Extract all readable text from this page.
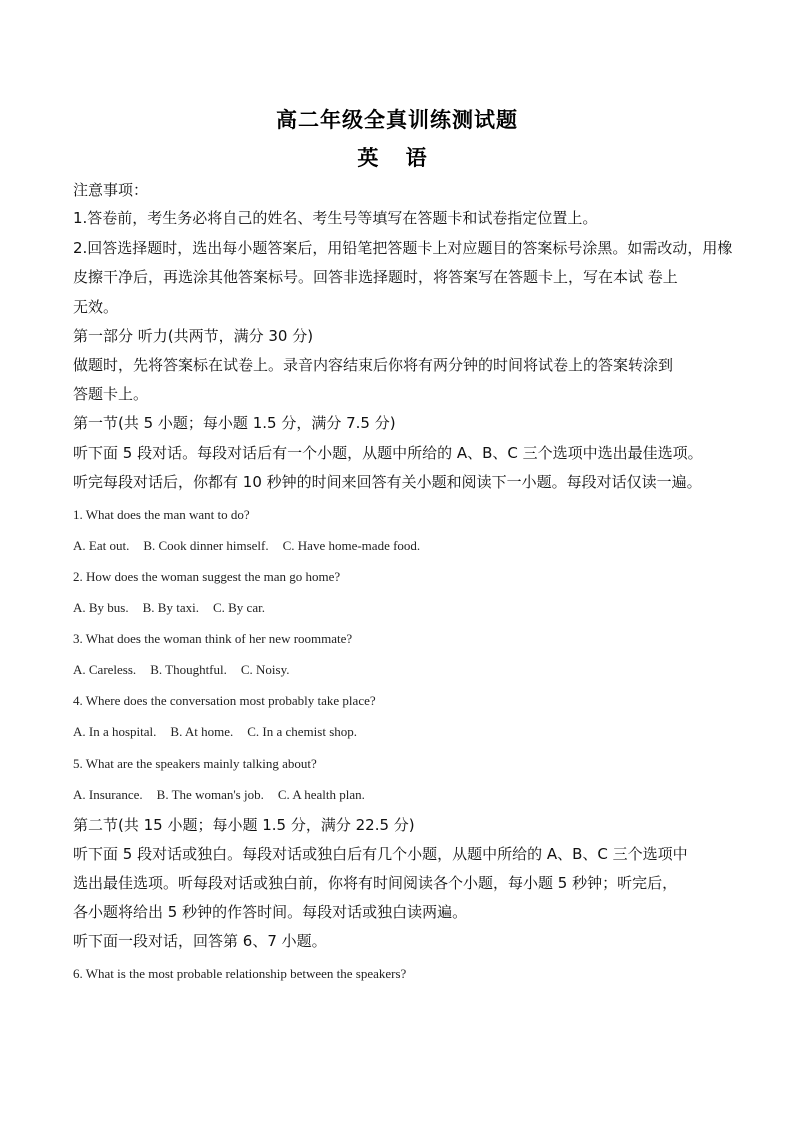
高二年级全真训练测试题
英 语
注意事项：
1.答卷前，考生务必将自己的姓名、考生号等填写在答题卡和试卷指定位置上。
2.回答选择题时，选出每小题答案后，用铅笔把答题卡上对应题目的答案标号涂黑。如需改动，用橡
皮擦干净后，再选涂其他答案标号。回答非选择题时，将答案写在答题卡上，写在本试 卷上
无效。
第一部分 听力(共两节，满分 30 分)
做题时，先将答案标在试卷上。录音内容结束后你将有两分钟的时间将试卷上的答案转涂到
答题卡上。
第一节(共 5 小题；每小题 1.5 分，满分 7.5 分)
听下面 5 段对话。每段对话后有一个小题，从题中所给的 A、B、C 三个选项中选出最佳选项。
听完每段对话后，你都有 10 秒钟的时间来回答有关小题和阅读下一小题。每段对话仅读一遍。
1. What does the man want to do?
A. Eat out. B. Cook dinner himself. C. Have home-made food.
2. How does the woman suggest the man go home?
A. By bus. B. By taxi. C. By car.
3. What does the woman think of her new roommate?
A. Careless. B. Thoughtful. C. Noisy.
4. Where does the conversation most probably take place?
A. In a hospital. B. At home. C. In a chemist shop.
5. What are the speakers mainly talking about?
A. Insurance. B. The woman's job. C. A health plan.
第二节(共 15 小题；每小题 1.5 分，满分 22.5 分)
听下面 5 段对话或独白。每段对话或独白后有几个小题，从题中所给的 A、B、C 三个选项中
选出最佳选项。听每段对话或独白前，你将有时间阅读各个小题，每小题 5 秒钟；听完后，
各小题将给出 5 秒钟的作答时间。每段对话或独白读两遍。
听下面一段对话，回答第 6、7 小题。
6. What is the most probable relationship between the speakers?
